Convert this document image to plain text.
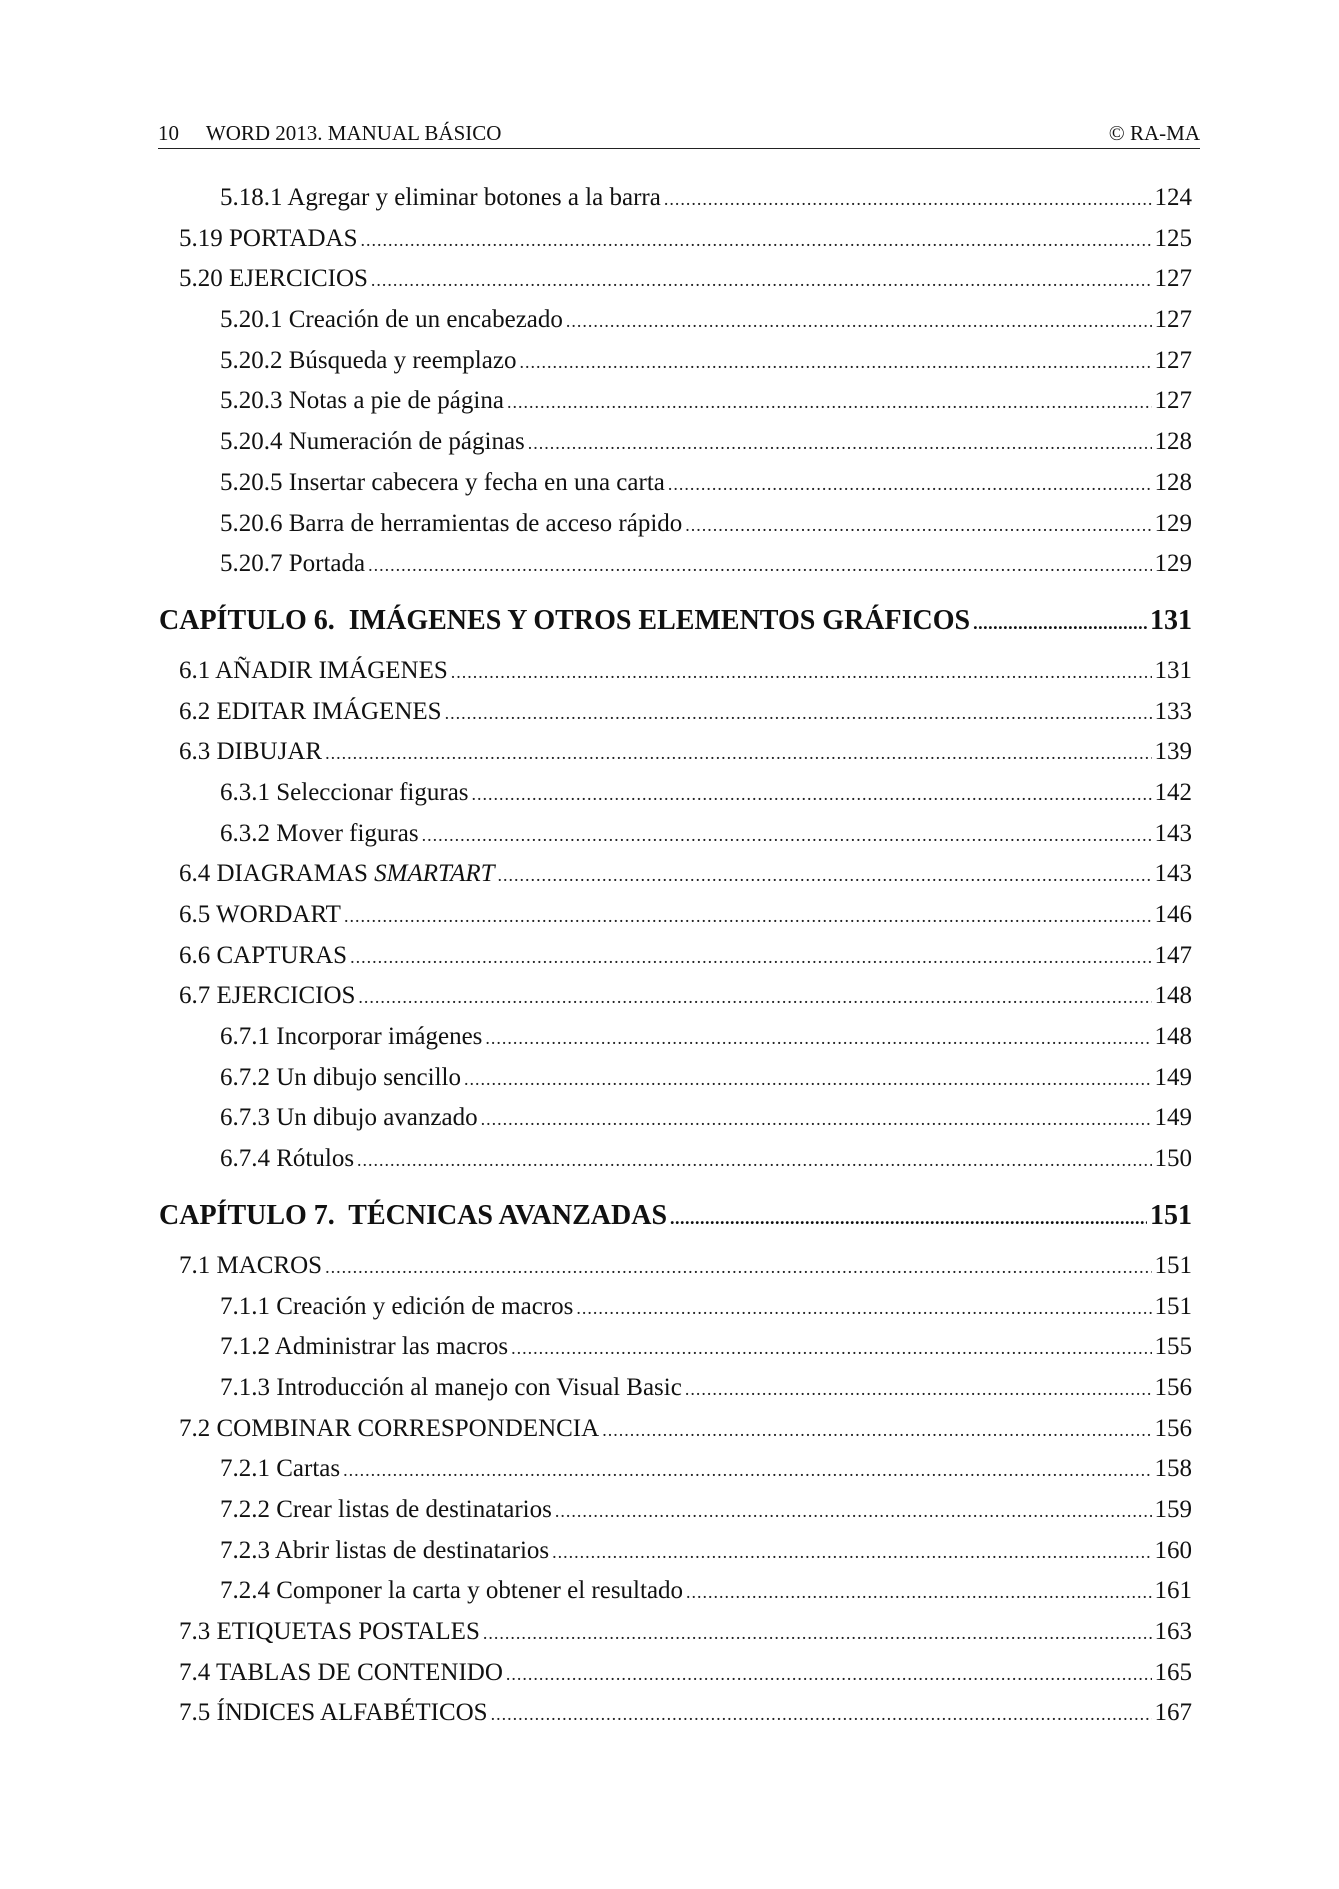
10 WORD 2013. MANUAL BÁSICO	© RA-MA
5.18.1 Agregar y eliminar botones a la barra .....	124
5.19 PORTADAS .....	125
5.20 EJERCICIOS .....	127
5.20.1 Creación de un encabezado .....	127
5.20.2 Búsqueda y reemplazo .....	127
5.20.3 Notas a pie de página .....	127
5.20.4 Numeración de páginas .....	128
5.20.5 Insertar cabecera y fecha en una carta .....	128
5.20.6 Barra de herramientas de acceso rápido .....	129
5.20.7 Portada .....	129
CAPÍTULO 6.  IMÁGENES Y OTROS ELEMENTOS GRÁFICOS .....	131
6.1 AÑADIR IMÁGENES .....	131
6.2 EDITAR IMÁGENES .....	133
6.3 DIBUJAR .....	139
6.3.1 Seleccionar figuras .....	142
6.3.2 Mover figuras .....	143
6.4 DIAGRAMAS SMARTART .....	143
6.5 WORDART .....	146
6.6 CAPTURAS .....	147
6.7 EJERCICIOS .....	148
6.7.1 Incorporar imágenes .....	148
6.7.2 Un dibujo sencillo .....	149
6.7.3 Un dibujo avanzado .....	149
6.7.4 Rótulos .....	150
CAPÍTULO 7.  TÉCNICAS AVANZADAS .....	151
7.1 MACROS .....	151
7.1.1 Creación y edición de macros .....	151
7.1.2 Administrar las macros .....	155
7.1.3 Introducción al manejo con Visual Basic .....	156
7.2 COMBINAR CORRESPONDENCIA .....	156
7.2.1 Cartas .....	158
7.2.2 Crear listas de destinatarios .....	159
7.2.3 Abrir listas de destinatarios .....	160
7.2.4 Componer la carta y obtener el resultado .....	161
7.3 ETIQUETAS POSTALES .....	163
7.4 TABLAS DE CONTENIDO .....	165
7.5 ÍNDICES ALFABÉTICOS .....	167
